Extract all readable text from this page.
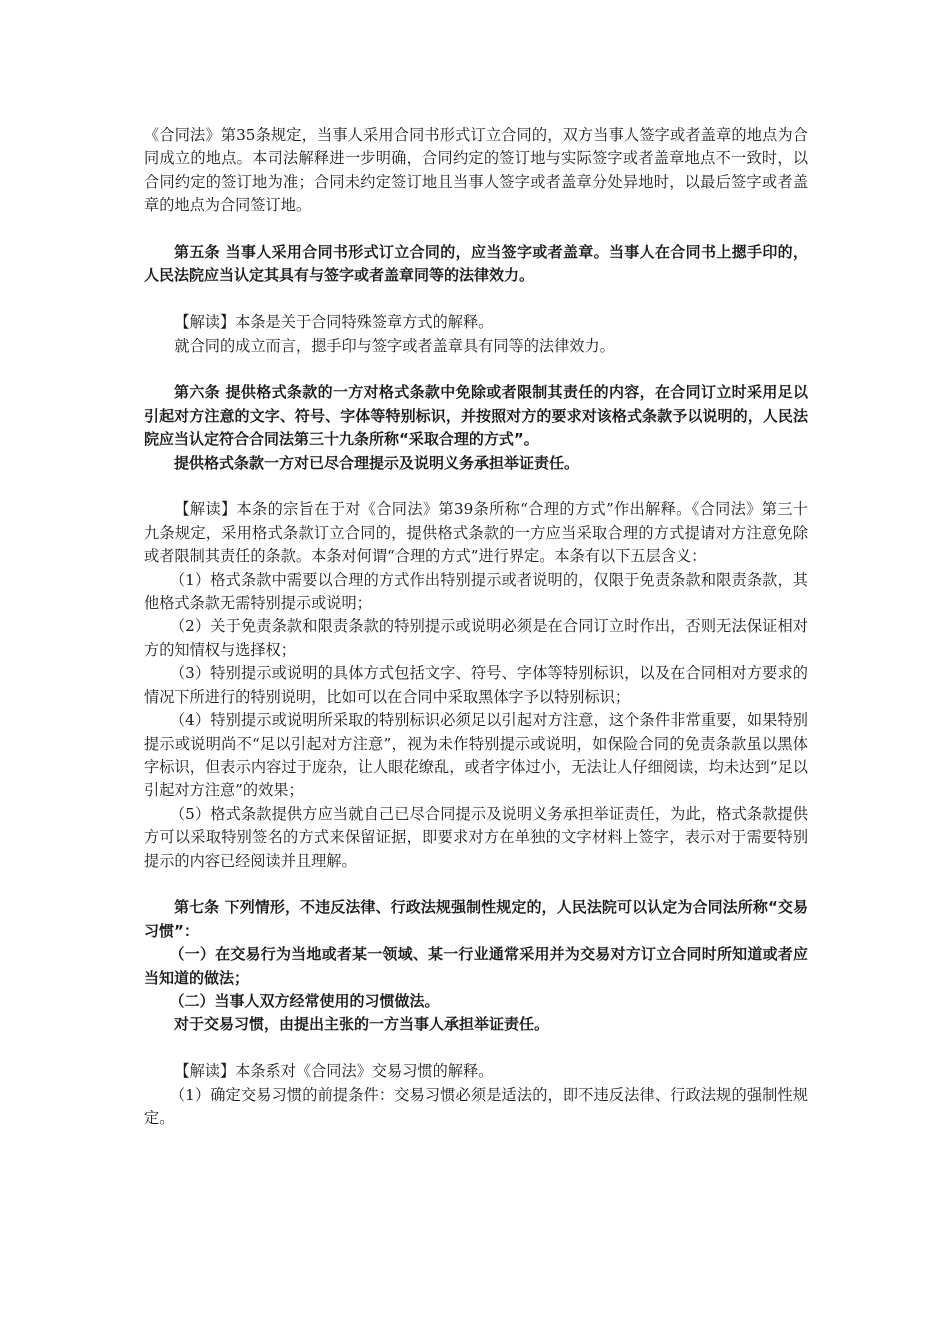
《合同法》第35条规定，当事人采用合同书形式订立合同的，双方当事人签字或者盖章的地点为合同成立的地点。本司法解释进一步明确，合同约定的签订地与实际签字或者盖章地点不一致时，以合同约定的签订地为准；合同未约定签订地且当事人签字或者盖章分处异地时，以最后签字或者盖章的地点为合同签订地。

第五条 当事人采用合同书形式订立合同的，应当签字或者盖章。当事人在合同书上摁手印的，人民法院应当认定其具有与签字或者盖章同等的法律效力。

【解读】本条是关于合同特殊签章方式的解释。

就合同的成立而言，摁手印与签字或者盖章具有同等的法律效力。

第六条 提供格式条款的一方对格式条款中免除或者限制其责任的内容，在合同订立时采用足以引起对方注意的文字、符号、字体等特别标识，并按照对方的要求对该格式条款予以说明的，人民法院应当认定符合合同法第三十九条所称“采取合理的方式”。

提供格式条款一方对已尽合理提示及说明义务承担举证责任。

【解读】本条的宗旨在于对《合同法》第39条所称“合理的方式”作出解释。《合同法》第三十九条规定，采用格式条款订立合同的，提供格式条款的一方应当采取合理的方式提请对方注意免除或者限制其责任的条款。本条对何谓“合理的方式”进行界定。本条有以下五层含义：

（1）格式条款中需要以合理的方式作出特别提示或者说明的，仅限于免责条款和限责条款，其他格式条款无需特别提示或说明；

（2）关于免责条款和限责条款的特别提示或说明必须是在合同订立时作出，否则无法保证相对方的知情权与选择权；

（3）特别提示或说明的具体方式包括文字、符号、字体等特别标识，以及在合同相对方要求的情况下所进行的特别说明，比如可以在合同中采取黑体字予以特别标识；

（4）特别提示或说明所采取的特别标识必须足以引起对方注意，这个条件非常重要，如果特别提示或说明尚不“足以引起对方注意”，视为未作特别提示或说明，如保险合同的免责条款虽以黑体字标识，但表示内容过于庞杂，让人眼花缭乱，或者字体过小，无法让人仔细阅读，均未达到“足以引起对方注意”的效果；

（5）格式条款提供方应当就自己已尽合同提示及说明义务承担举证责任，为此，格式条款提供方可以采取特别签名的方式来保留证据，即要求对方在单独的文字材料上签字，表示对于需要特别提示的内容已经阅读并且理解。

第七条 下列情形，不违反法律、行政法规强制性规定的，人民法院可以认定为合同法所称“交易习惯”：

（一）在交易行为当地或者某一领域、某一行业通常采用并为交易对方订立合同时所知道或者应当知道的做法；

（二）当事人双方经常使用的习惯做法。

对于交易习惯，由提出主张的一方当事人承担举证责任。

【解读】本条系对《合同法》交易习惯的解释。

（1）确定交易习惯的前提条件：交易习惯必须是适法的，即不违反法律、行政法规的强制性规定。
